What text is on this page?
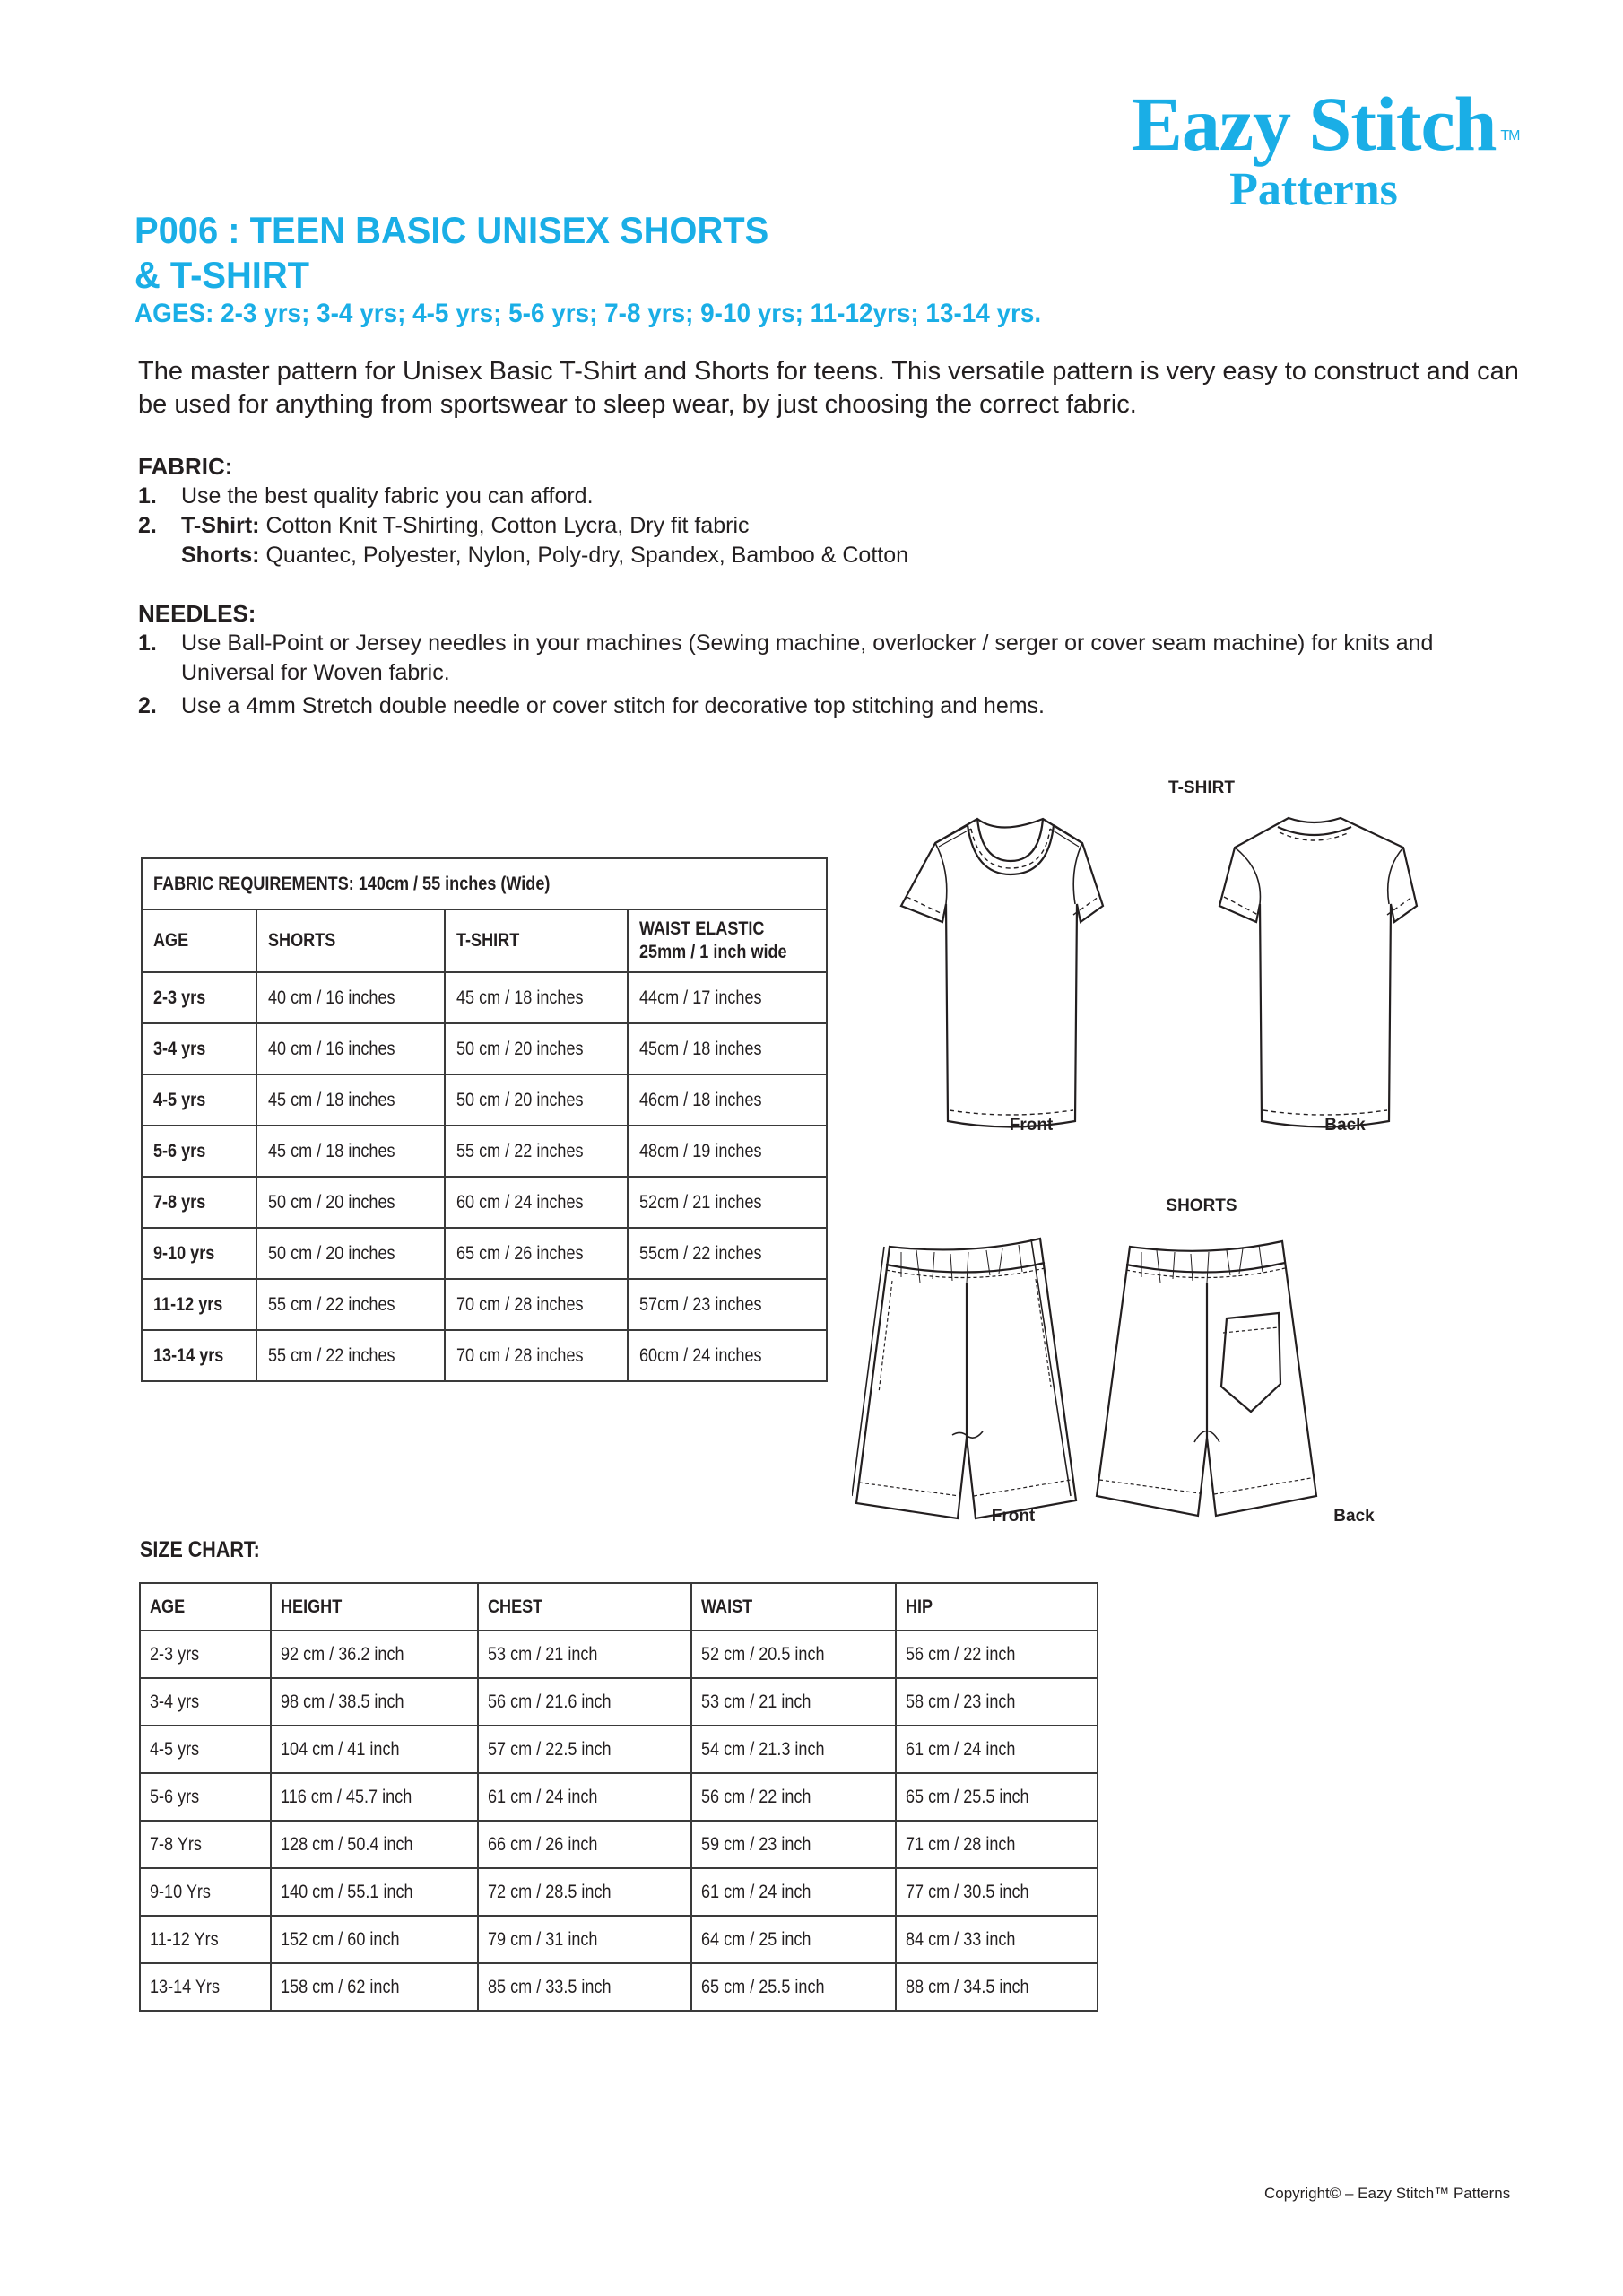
Eazy Stitch TM
Patterns
P006 : TEEN BASIC UNISEX SHORTS
& T-SHIRT
AGES: 2-3 yrs; 3-4 yrs; 4-5 yrs; 5-6 yrs; 7-8 yrs; 9-10 yrs; 11-12yrs; 13-14 yrs.
The master pattern for Unisex Basic T-Shirt and Shorts for teens. This versatile pattern is very easy to construct and can be used for anything from sportswear to sleep wear, by just choosing the correct fabric.
FABRIC:
1.	Use the best quality fabric you can afford.
2.	T-Shirt: Cotton Knit T-Shirting, Cotton Lycra, Dry fit fabric
Shorts: Quantec, Polyester, Nylon, Poly-dry, Spandex, Bamboo & Cotton
NEEDLES:
1.	Use Ball-Point or Jersey needles in your machines (Sewing machine, overlocker / serger or cover seam machine) for knits and Universal for Woven fabric.
2.	Use a 4mm Stretch double needle or cover stitch for decorative top stitching and hems.
FABRIC REQUIREMENTS: 140cm / 55 inches (Wide)			
AGE	SHORTS	T-SHIRT	WAIST ELASTIC
25mm / 1 inch wide
2-3 yrs	40 cm / 16 inches	45 cm / 18 inches	44cm / 17 inches
3-4 yrs	40 cm / 16 inches	50 cm / 20 inches	45cm / 18 inches
4-5 yrs	45 cm / 18 inches	50 cm / 20 inches	46cm / 18 inches
5-6 yrs	45 cm / 18 inches	55 cm / 22 inches	48cm / 19 inches
7-8 yrs	50 cm / 20 inches	60 cm / 24 inches	52cm / 21 inches
9-10 yrs	50 cm / 20 inches	65 cm / 26 inches	55cm / 22 inches
11-12 yrs	55 cm / 22 inches	70 cm / 28 inches	57cm / 23 inches
13-14 yrs	55 cm / 22 inches	70 cm / 28 inches	60cm / 24 inches
T-SHIRT
Front	Back
SHORTS
Front	Back
SIZE CHART:
AGE	HEIGHT	CHEST	WAIST	HIP
2-3 yrs	92 cm / 36.2 inch	53 cm / 21 inch	52 cm / 20.5 inch	56 cm / 22 inch
3-4 yrs	98 cm / 38.5 inch	56 cm / 21.6 inch	53 cm / 21 inch	58 cm / 23 inch
4-5 yrs	104 cm / 41 inch	57 cm / 22.5 inch	54 cm / 21.3 inch	61 cm / 24 inch
5-6 yrs	116 cm / 45.7 inch	61 cm / 24 inch	56 cm / 22 inch	65 cm / 25.5 inch
7-8 Yrs	128 cm / 50.4 inch	66 cm / 26 inch	59 cm / 23 inch	71 cm / 28 inch
9-10 Yrs	140 cm / 55.1 inch	72 cm / 28.5 inch	61 cm / 24 inch	77 cm / 30.5 inch
11-12 Yrs	152 cm / 60 inch	79 cm / 31 inch	64 cm / 25 inch	84 cm / 33 inch
13-14 Yrs	158 cm / 62 inch	85 cm / 33.5 inch	65 cm / 25.5 inch	88 cm / 34.5 inch
Copyright© – Eazy Stitch™ Patterns
